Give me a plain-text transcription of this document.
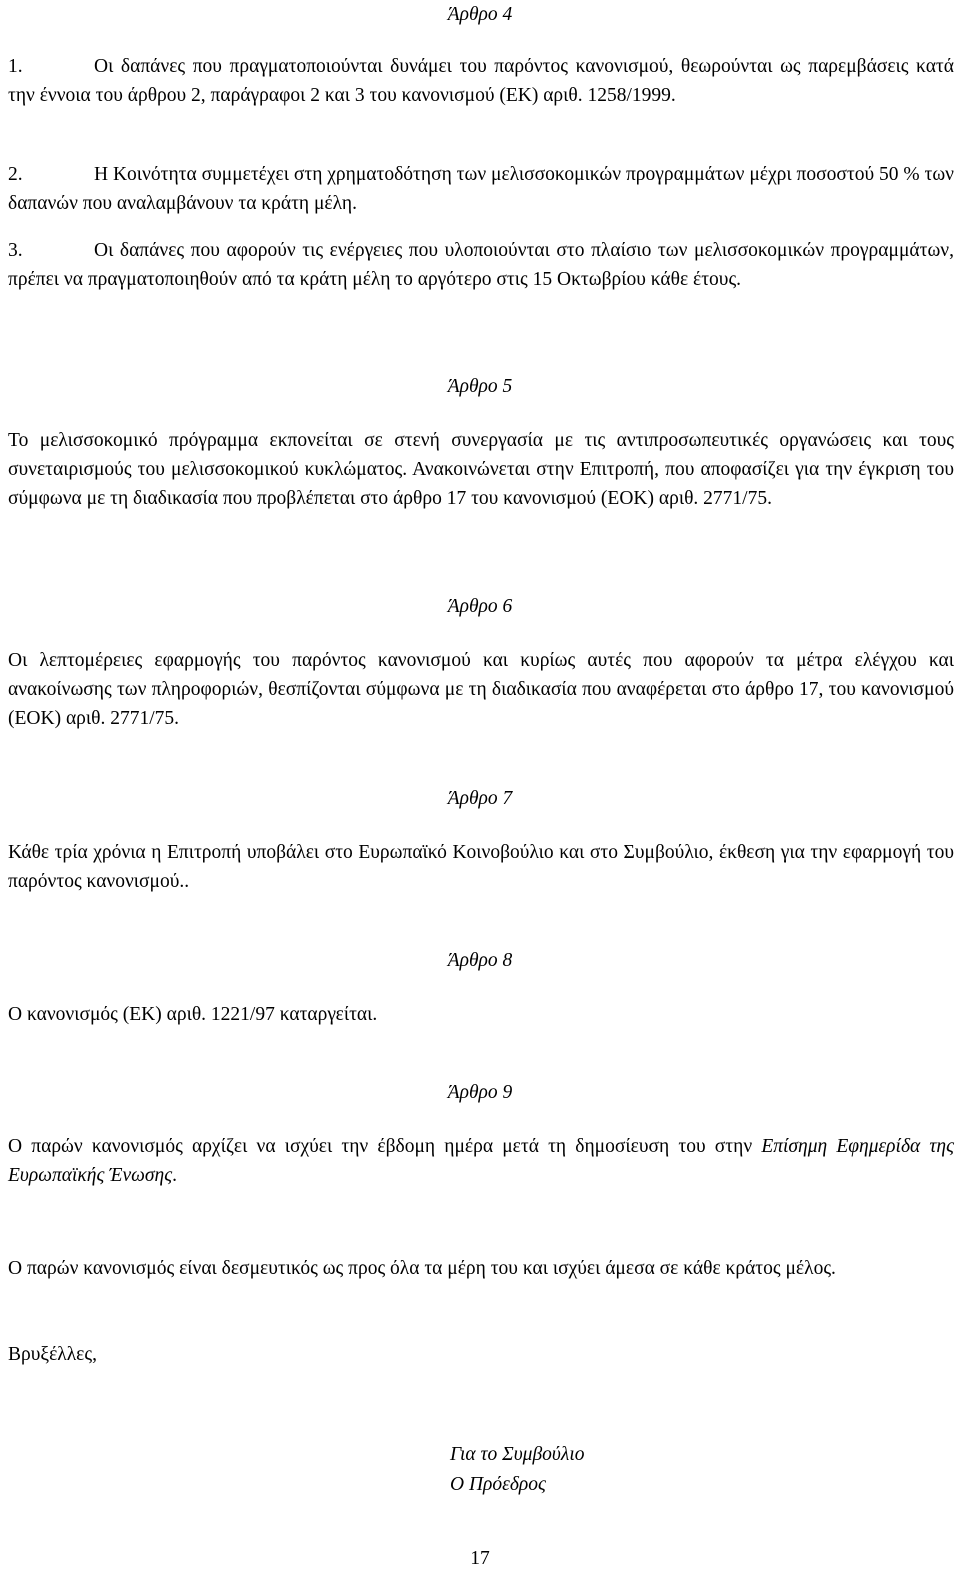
Άρθρο 4

1.	Οι δαπάνες που πραγματοποιούνται δυνάμει του παρόντος κανονισμού, θεωρούνται ως παρεμβάσεις κατά την έννοια του άρθρου 2, παράγραφοι 2 και 3 του κανονισμού (ΕΚ) αριθ. 1258/1999.
2.	Η Κοινότητα συμμετέχει στη χρηματοδότηση των μελισσοκομικών προγραμμάτων μέχρι ποσοστού 50 % των δαπανών που αναλαμβάνουν τα κράτη μέλη.
3.	Οι δαπάνες που αφορούν τις ενέργειες που υλοποιούνται στο πλαίσιο των μελισσοκομικών προγραμμάτων, πρέπει να πραγματοποιηθούν από τα κράτη μέλη το αργότερο στις 15 Οκτωβρίου κάθε έτους.

Άρθρο 5

Το μελισσοκομικό πρόγραμμα εκπονείται σε στενή συνεργασία με τις αντιπροσωπευτικές οργανώσεις και τους συνεταιρισμούς του μελισσοκομικού κυκλώματος. Ανακοινώνεται στην Επιτροπή, που αποφασίζει για την έγκριση του σύμφωνα με τη διαδικασία που προβλέπεται στο άρθρο 17 του κανονισμού (ΕΟΚ) αριθ. 2771/75.

Άρθρο 6

Οι λεπτομέρειες εφαρμογής του παρόντος κανονισμού και κυρίως αυτές που αφορούν τα μέτρα ελέγχου και ανακοίνωσης των πληροφοριών, θεσπίζονται σύμφωνα με τη διαδικασία που αναφέρεται στο άρθρο 17, του κανονισμού (ΕΟΚ) αριθ. 2771/75.

Άρθρο 7

Κάθε τρία χρόνια η Επιτροπή υποβάλει στο Ευρωπαϊκό Κοινοβούλιο και στο Συμβούλιο, έκθεση για την εφαρμογή του παρόντος κανονισμού..

Άρθρο 8

Ο κανονισμός (ΕΚ) αριθ. 1221/97 καταργείται.

Άρθρο 9

Ο παρών κανονισμός αρχίζει να ισχύει την έβδομη ημέρα μετά τη δημοσίευση του στην Επίσημη Εφημερίδα της Ευρωπαϊκής Ένωσης.

Ο παρών κανονισμός είναι δεσμευτικός ως προς όλα τα μέρη του και ισχύει άμεσα σε κάθε κράτος μέλος.

Βρυξέλλες,

Για το Συμβούλιο

Ο Πρόεδρος

17
